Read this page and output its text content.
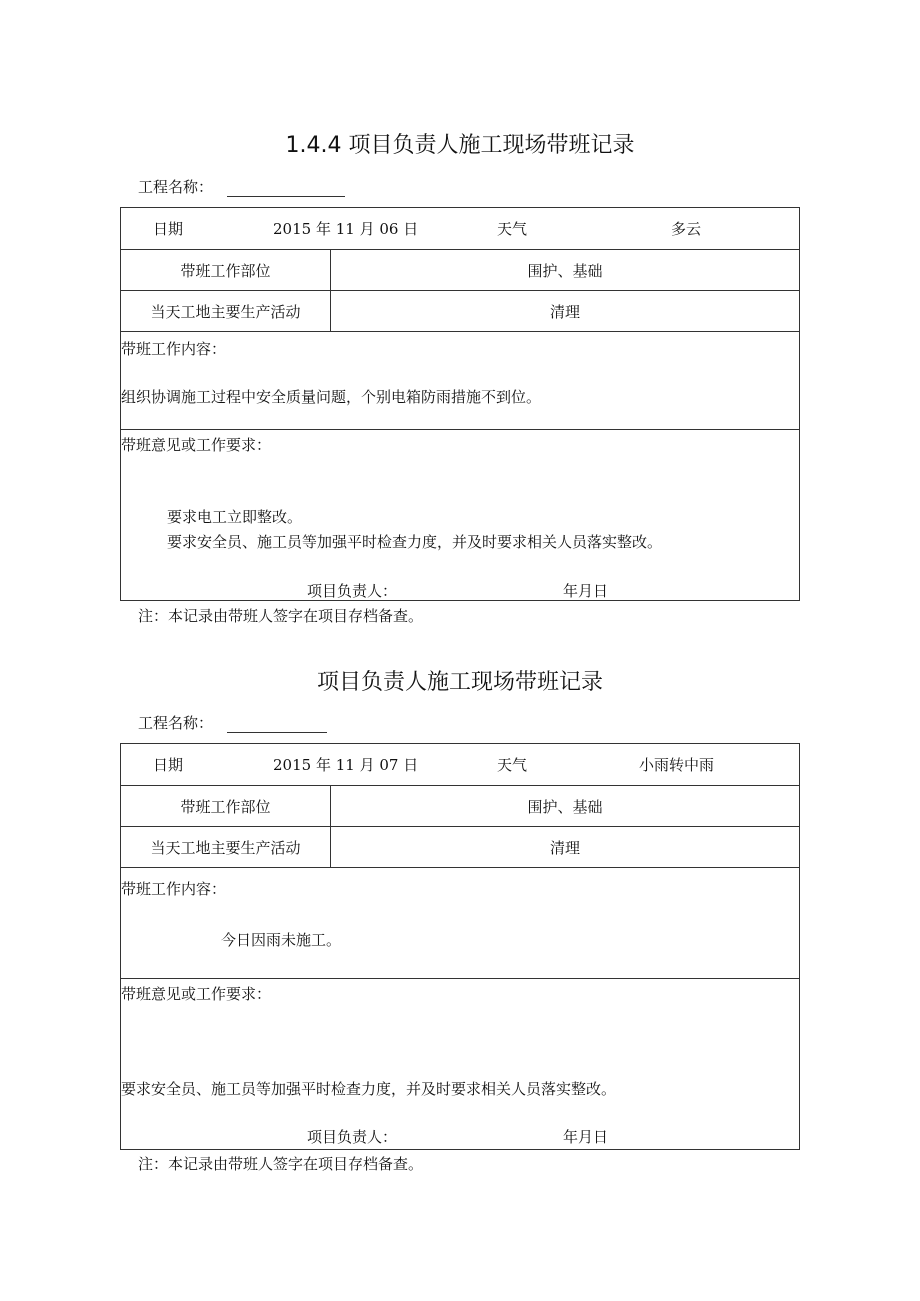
1.4.4 项目负责人施工现场带班记录
工程名称：
日期	2015 年 11 月 06 日	天气	多云
带班工作部位	围护、基础
当天工地主要生产活动	清理
带班工作内容：
组织协调施工过程中安全质量问题，个别电箱防雨措施不到位。
带班意见或工作要求：
要求电工立即整改。
要求安全员、施工员等加强平时检查力度，并及时要求相关人员落实整改。
项目负责人：	年月日
注：本记录由带班人签字在项目存档备查。
项目负责人施工现场带班记录
工程名称：
日期	2015 年 11 月 07 日	天气	小雨转中雨
带班工作部位	围护、基础
当天工地主要生产活动	清理
带班工作内容：
今日因雨未施工。
带班意见或工作要求：
要求安全员、施工员等加强平时检查力度，并及时要求相关人员落实整改。
项目负责人：	年月日
注：本记录由带班人签字在项目存档备查。
